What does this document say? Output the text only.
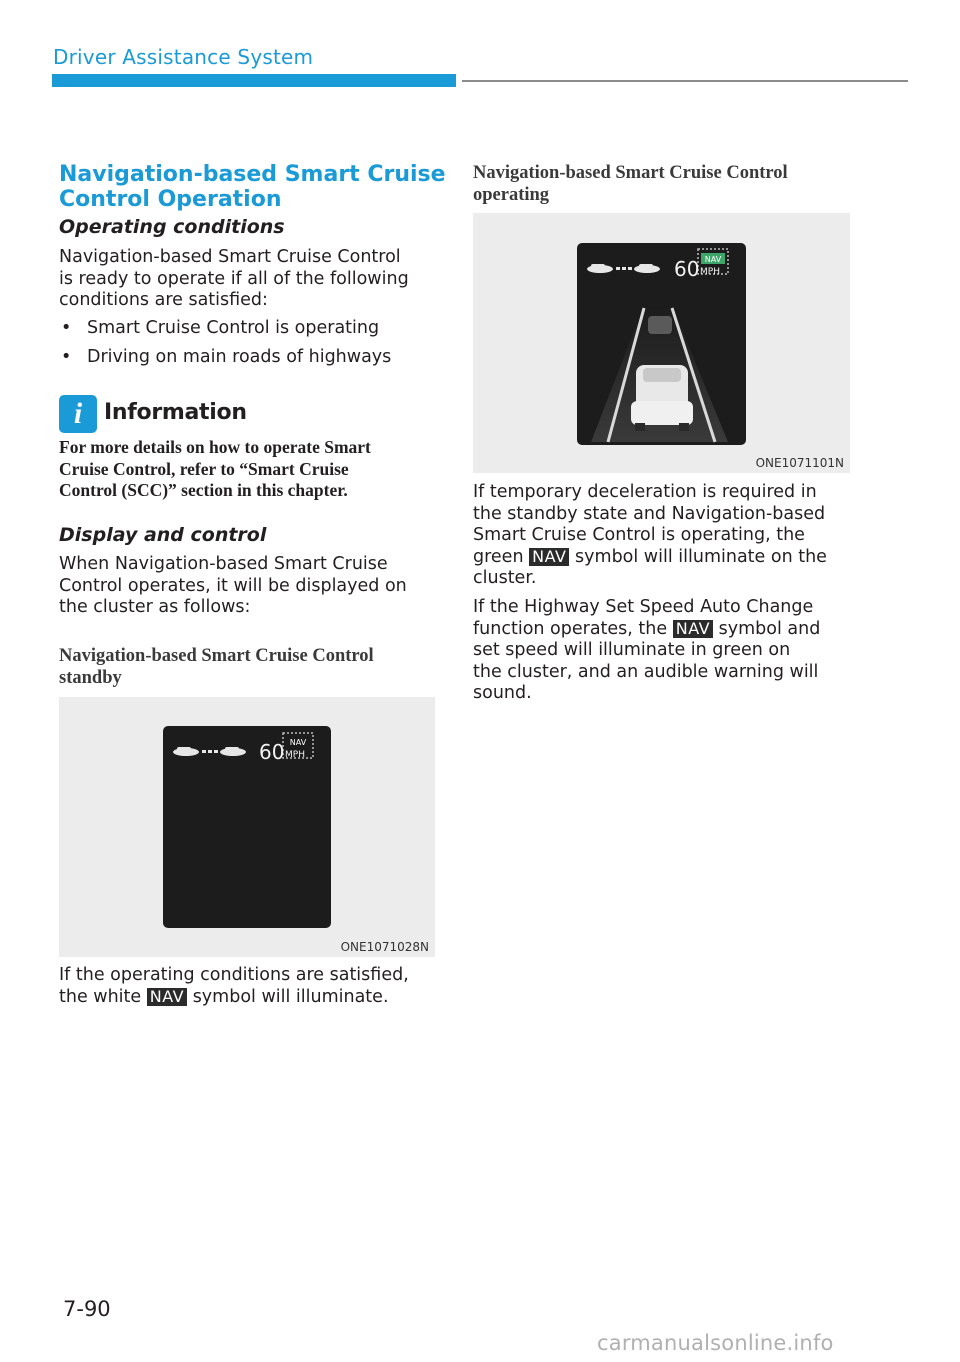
Driver Assistance System
Navigation-based Smart Cruise
Control Operation
Operating conditions
Navigation-based Smart Cruise Control
is ready to operate if all of the following
conditions are satisfied:
• Smart Cruise Control is operating
• Driving on main roads of highways
i Information
For more details on how to operate Smart
Cruise Control, refer to “Smart Cruise
Control (SCC)” section in this chapter.
Display and control
When Navigation-based Smart Cruise
Control operates, it will be displayed on
the cluster as follows:
Navigation-based Smart Cruise Control
standby
NAV
60 MPH
ONE1071028N
If the operating conditions are satisfied,
the white NAV symbol will illuminate.
Navigation-based Smart Cruise Control
operating
NAV
60 MPH
ONE1071101N
If temporary deceleration is required in
the standby state and Navigation-based
Smart Cruise Control is operating, the
green NAV symbol will illuminate on the
cluster.
If the Highway Set Speed Auto Change
function operates, the NAV symbol and
set speed will illuminate in green on
the cluster, and an audible warning will
sound.
7-90
carmanualsonline.info
